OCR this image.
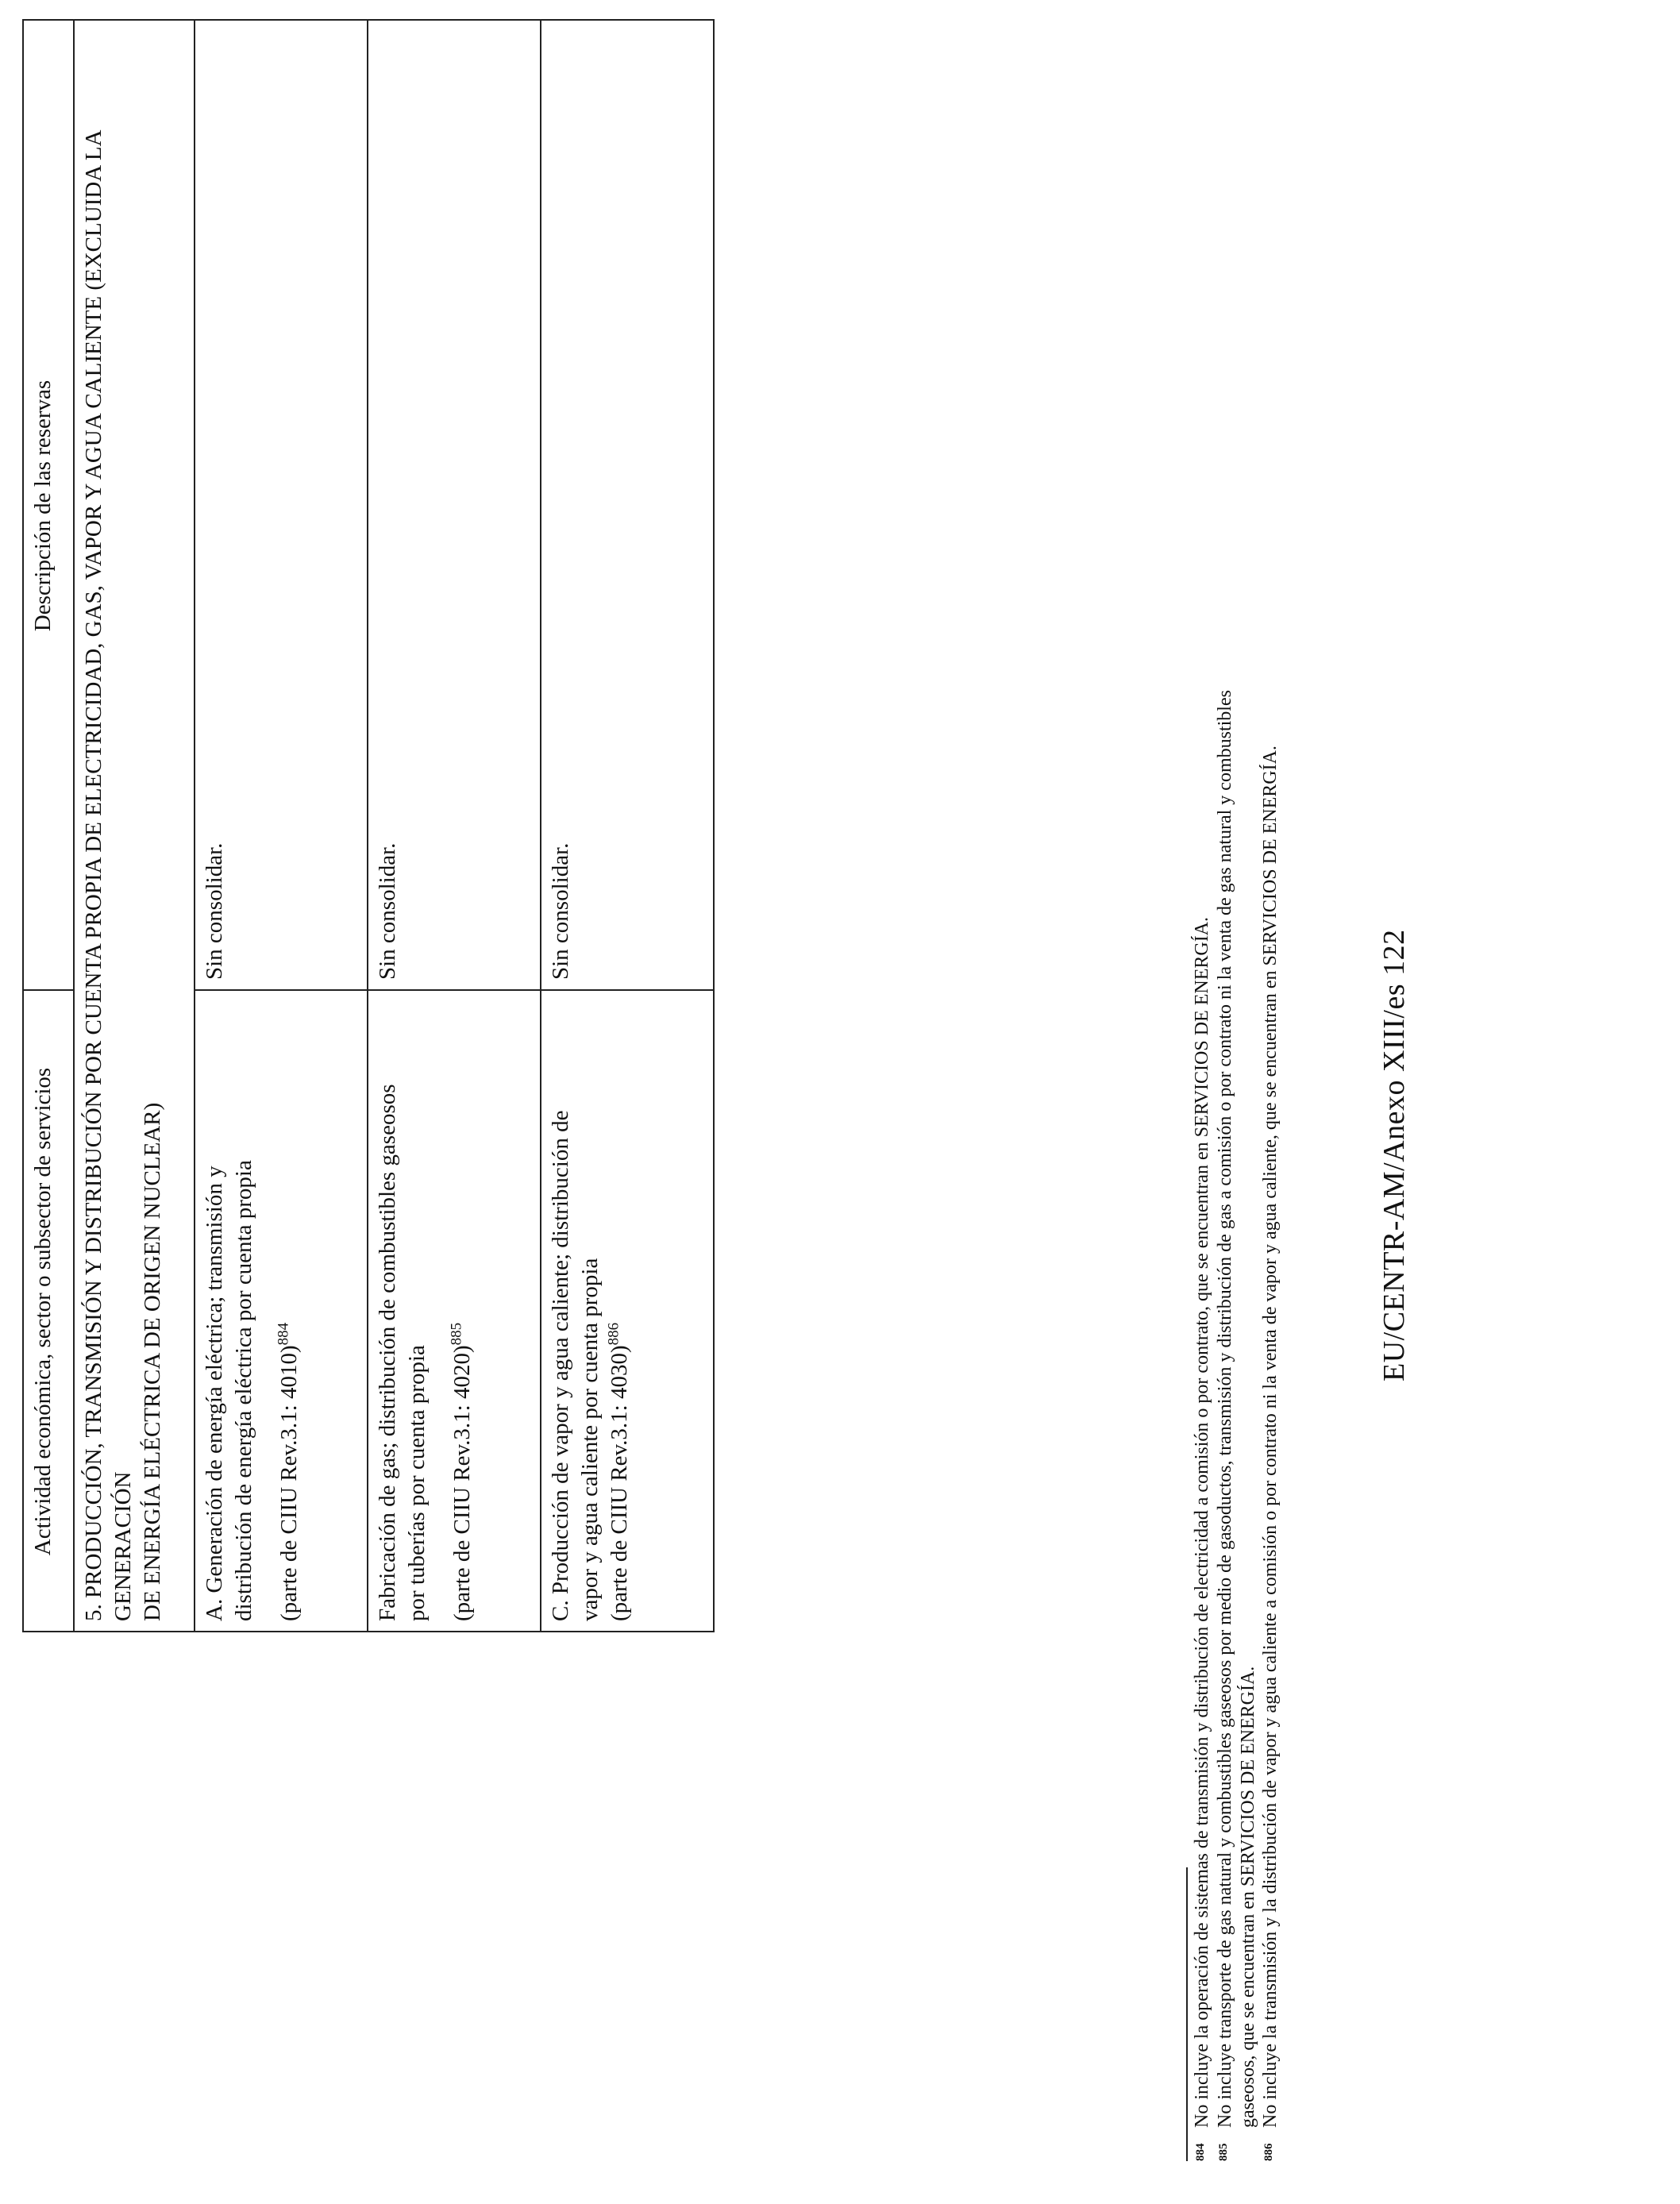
Actividad económica, sector o subsector de servicios	Descripción de las reservas

5. PRODUCCIÓN, TRANSMISIÓN Y DISTRIBUCIÓN POR CUENTA PROPIA DE ELECTRICIDAD, GAS, VAPOR Y AGUA CALIENTE (EXCLUIDA LA GENERACIÓN DE ENERGÍA ELÉCTRICA DE ORIGEN NUCLEAR)	

A. Generación de energía eléctrica; transmisión y distribución de energía eléctrica por cuenta propia (parte de CIIU Rev.3.1: 4010)$^{884}$	Sin consolidar.

Fabricación de gas; distribución de combustibles gaseosos por tuberías por cuenta propia (parte de CIIU Rev.3.1: 4020)$^{885}$	Sin consolidar.

C. Producción de vapor y agua caliente; distribución de vapor y agua caliente por cuenta propia (parte de CIIU Rev.3.1: 4030)$^{886}$	Sin consolidar.
884
No incluye la operación de sistemas de transmisión y distribución de electricidad a comisión o por contrato, que se encuentran en SERVICIOS DE ENERGÍA.
885
No incluye transporte de gas natural y combustibles gaseosos por medio de gasoductos, transmisión y distribución de gas a comisión o por contrato ni la venta de gas natural y combustibles gaseosos, que se encuentran en SERVICIOS DE ENERGÍA.
886
No incluye la transmisión y la distribución de vapor y agua caliente a comisión o por contrato ni la venta de vapor y agua caliente, que se encuentran en SERVICIOS DE ENERGÍA.	EU/CENTR-AM/Anexo XIII/es 122
